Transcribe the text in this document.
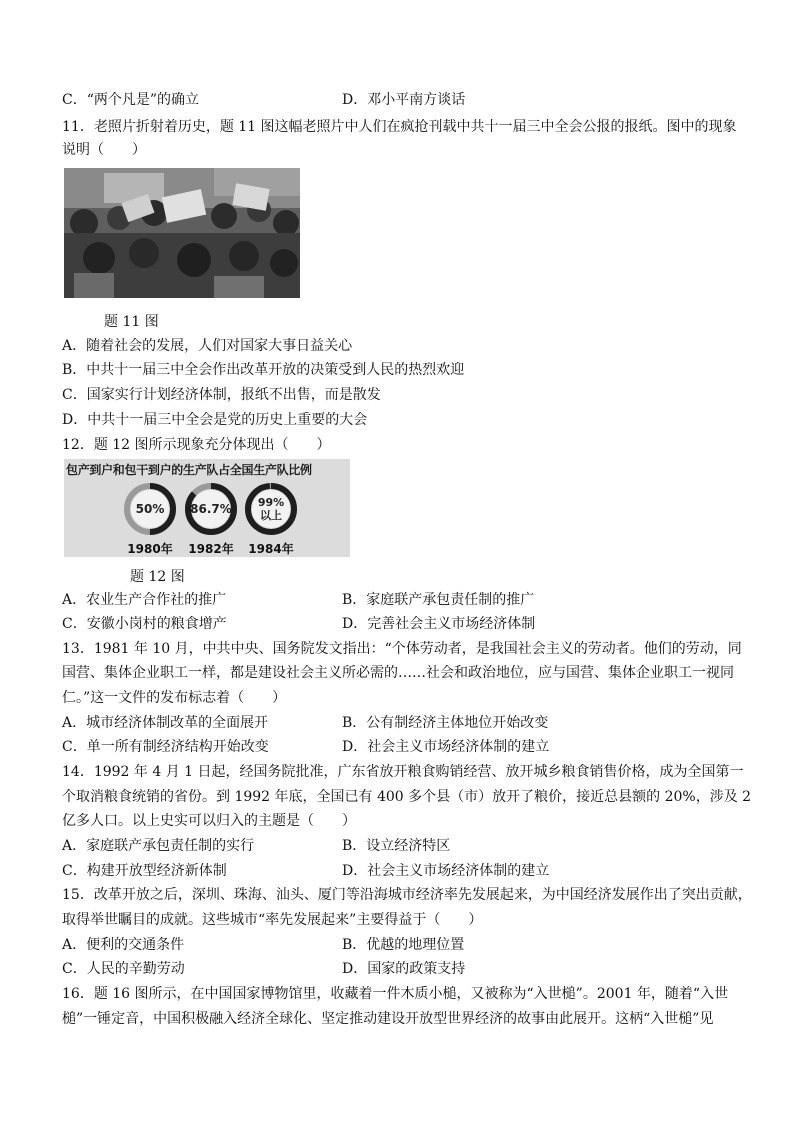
C．“两个凡是”的确立	D．邓小平南方谈话
11．老照片折射着历史，题 11 图这幅老照片中人们在疯抢刊载中共十一届三中全会公报的报纸。图中的现象
说明（　　）
题 11 图
A．随着社会的发展，人们对国家大事日益关心
B．中共十一届三中全会作出改革开放的决策受到人民的热烈欢迎
C．国家实行计划经济体制，报纸不出售，而是散发
D．中共十一届三中全会是党的历史上重要的大会
12．题 12 图所示现象充分体现出（　　）
包产到户和包干到户的生产队占全国生产队比例
50%
1980年
86.7%
1982年
99%
以上
1984年
题 12 图
A．农业生产合作社的推广	B．家庭联产承包责任制的推广
C．安徽小岗村的粮食增产	D．完善社会主义市场经济体制
13．1981 年 10 月，中共中央、国务院发文指出：“个体劳动者，是我国社会主义的劳动者。他们的劳动，同
国营、集体企业职工一样，都是建设社会主义所必需的……社会和政治地位，应与国营、集体企业职工一视同
仁。”这一文件的发布标志着（　　）
A．城市经济体制改革的全面展开	B．公有制经济主体地位开始改变
C．单一所有制经济结构开始改变	D．社会主义市场经济体制的建立
14．1992 年 4 月 1 日起，经国务院批准，广东省放开粮食购销经营、放开城乡粮食销售价格，成为全国第一
个取消粮食统销的省份。到 1992 年底，全国已有 400 多个县（市）放开了粮价，接近总县额的 20%，涉及 2
亿多人口。以上史实可以归入的主题是（　　）
A．家庭联产承包责任制的实行	B．设立经济特区
C．构建开放型经济新体制	D．社会主义市场经济体制的建立
15．改革开放之后，深圳、珠海、汕头、厦门等沿海城市经济率先发展起来，为中国经济发展作出了突出贡献，
取得举世瞩目的成就。这些城市“率先发展起来”主要得益于（　　）
A．便利的交通条件	B．优越的地理位置
C．人民的辛勤劳动	D．国家的政策支持
16．题 16 图所示，在中国国家博物馆里，收藏着一件木质小槌，又被称为“入世槌”。2001 年，随着“入世
槌”一锤定音，中国积极融入经济全球化、坚定推动建设开放型世界经济的故事由此展开。这柄“入世槌”见
